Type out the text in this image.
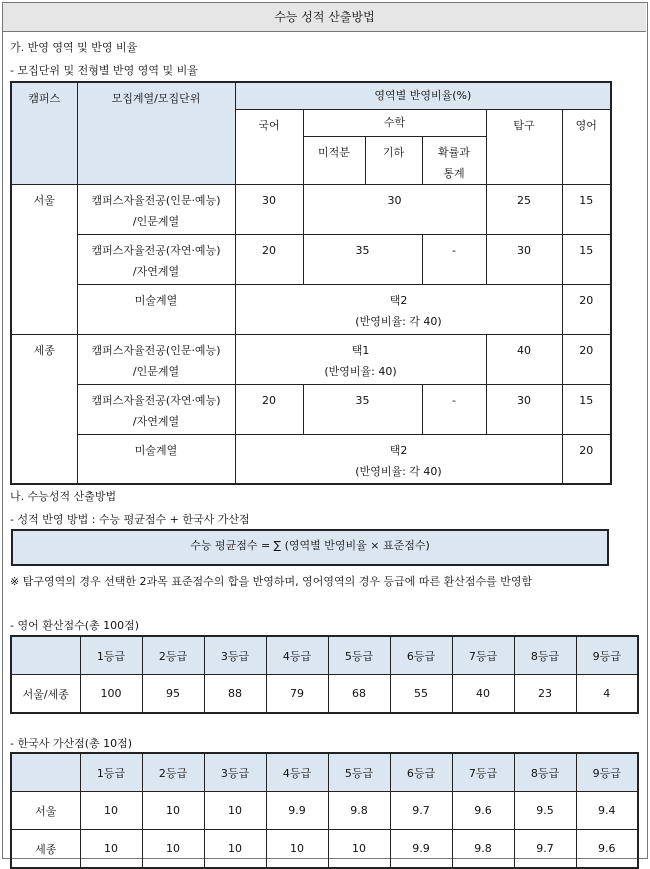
수능 성적 산출방법
가. 반영 영역 및 반영 비율
- 모집단위 및 전형별 반영 영역 및 비율
캠퍼스	모집계열/모집단위	영역별 반영비율(%)					
		국어	수학			탐구	영어
			미적분	기하	확률과
통계		
서울	캠퍼스자율전공(인문·예능)
/인문계열	30	30			25	15
	캠퍼스자율전공(자연·예능)
/자연계열	20	35		-	30	15
	미술계열	택2
(반영비율: 각 40)					20
세종	캠퍼스자율전공(인문·예능)
/인문계열	택1
(반영비율: 40)				40	20
	캠퍼스자율전공(자연·예능)
/자연계열	20	35		-	30	15
	미술계열	택2
(반영비율: 각 40)					20
나. 수능성적 산출방법
- 성적 반영 방법 : 수능 평균점수 + 한국사 가산점
수능 평균점수 = ∑ (영역별 반영비율 × 표준점수)
※ 탐구영역의 경우 선택한 2과목 표준점수의 합을 반영하며, 영어영역의 경우 등급에 따른 환산점수를 반영함
- 영어 환산점수(총 100점)
	1등급	2등급	3등급	4등급	5등급	6등급	7등급	8등급	9등급
서울/세종	100	95	88	79	68	55	40	23	4
- 한국사 가산점(총 10점)
	1등급	2등급	3등급	4등급	5등급	6등급	7등급	8등급	9등급
서울	10	10	10	9.9	9.8	9.7	9.6	9.5	9.4
세종	10	10	10	10	10	9.9	9.8	9.7	9.6
